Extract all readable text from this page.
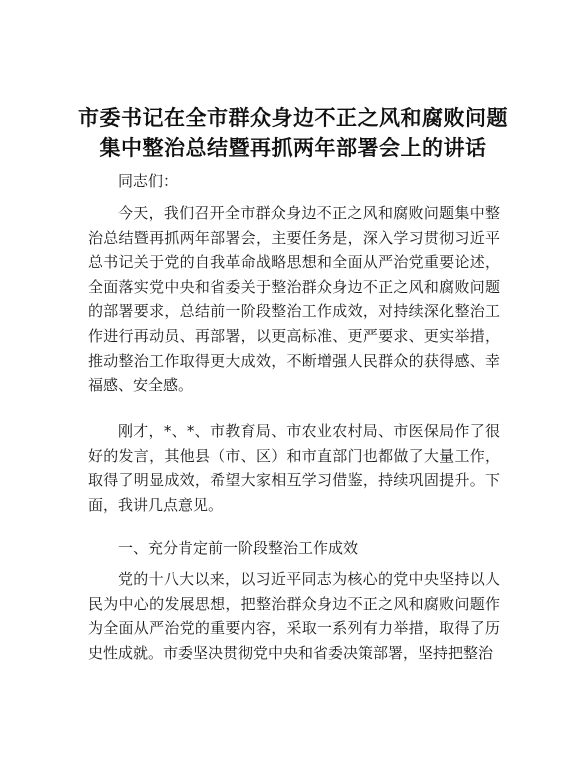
市委书记在全市群众身边不正之风和腐败问题
集中整治总结暨再抓两年部署会上的讲话
同志们：

今天，我们召开全市群众身边不正之风和腐败问题集中整治总结暨再抓两年部署会，主要任务是，深入学习贯彻习近平总书记关于党的自我革命战略思想和全面从严治党重要论述，全面落实党中央和省委关于整治群众身边不正之风和腐败问题的部署要求，总结前一阶段整治工作成效，对持续深化整治工作进行再动员、再部署，以更高标准、更严要求、更实举措，推动整治工作取得更大成效，不断增强人民群众的获得感、幸福感、安全感。

刚才，*、*、市教育局、市农业农村局、市医保局作了很好的发言，其他县（市、区）和市直部门也都做了大量工作，取得了明显成效，希望大家相互学习借鉴，持续巩固提升。下面，我讲几点意见。

一、充分肯定前一阶段整治工作成效

党的十八大以来，以习近平同志为核心的党中央坚持以人民为中心的发展思想，把整治群众身边不正之风和腐败问题作为全面从严治党的重要内容，采取一系列有力举措，取得了历史性成就。市委坚决贯彻党中央和省委决策部署，坚持把整治
